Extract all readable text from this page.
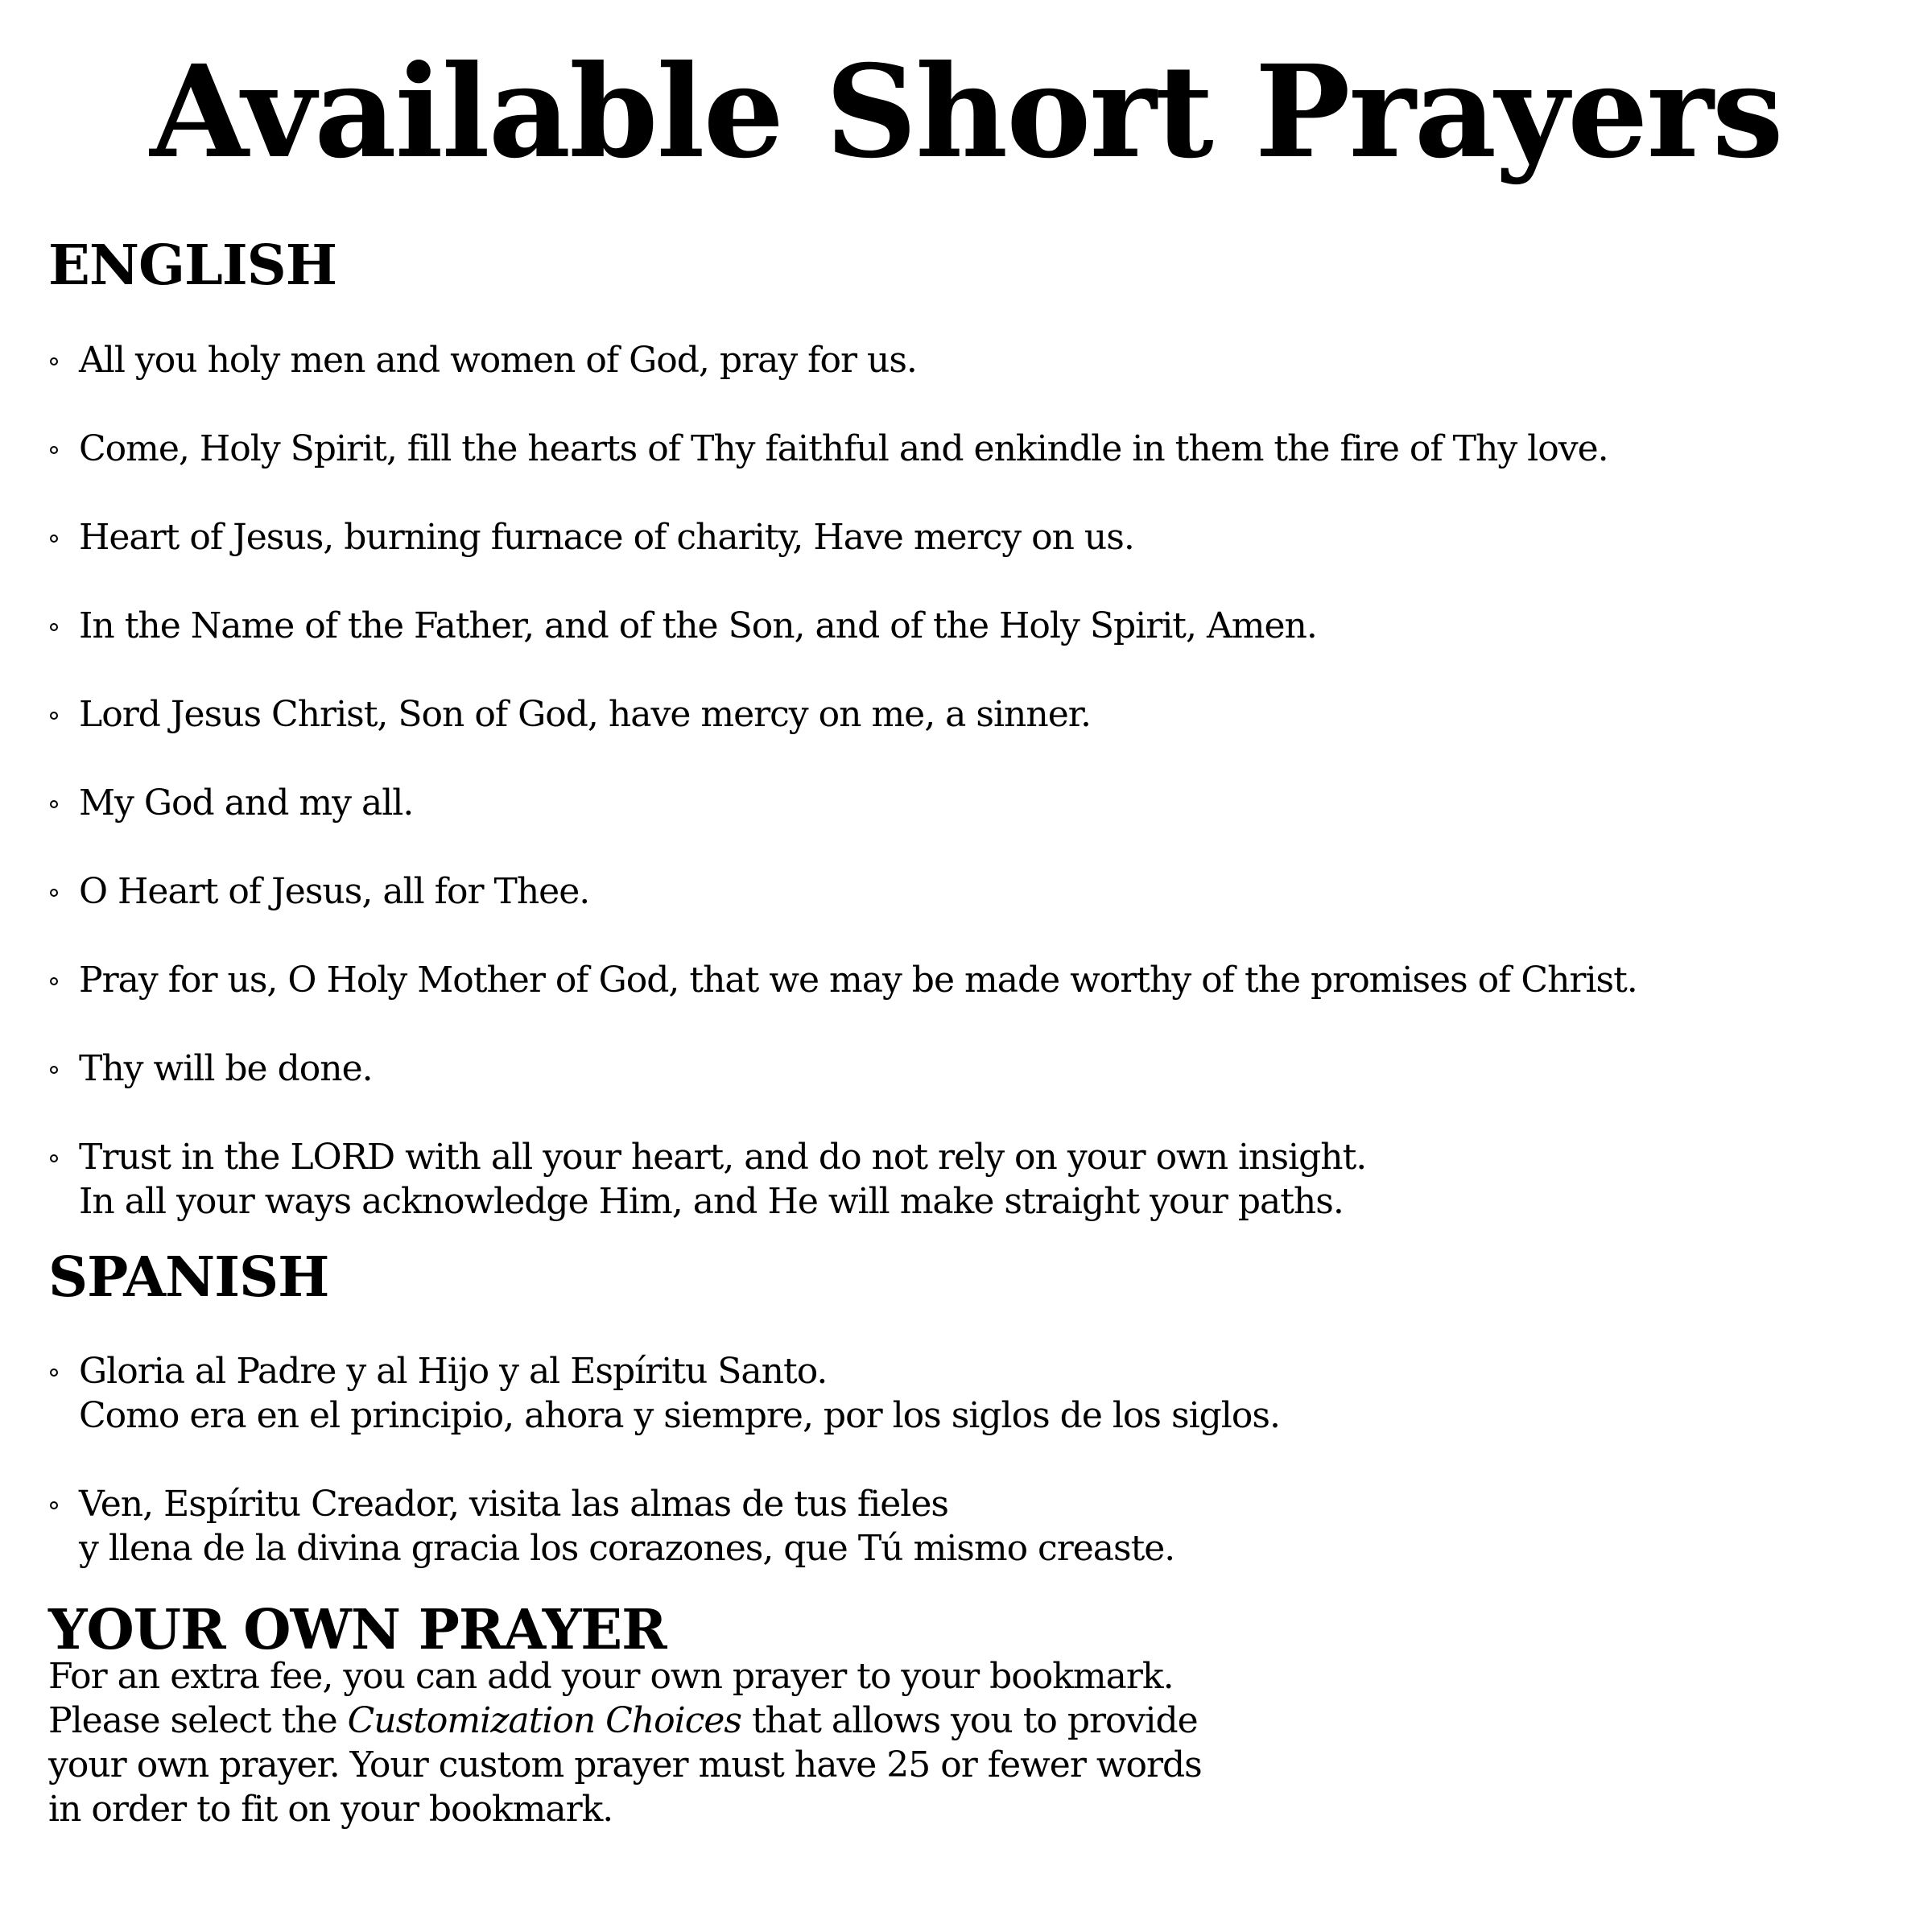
Available Short Prayers
ENGLISH
All you holy men and women of God, pray for us.
Come, Holy Spirit, fill the hearts of Thy faithful and enkindle in them the fire of Thy love.
Heart of Jesus, burning furnace of charity, Have mercy on us.
In the Name of the Father, and of the Son, and of the Holy Spirit, Amen.
Lord Jesus Christ, Son of God, have mercy on me, a sinner.
My God and my all.
O Heart of Jesus, all for Thee.
Pray for us, O Holy Mother of God, that we may be made worthy of the promises of Christ.
Thy will be done.
Trust in the LORD with all your heart, and do not rely on your own insight.
In all your ways acknowledge Him, and He will make straight your paths.
SPANISH
Gloria al Padre y al Hijo y al Espíritu Santo.
Como era en el principio, ahora y siempre, por los siglos de los siglos.
Ven, Espíritu Creador, visita las almas de tus fieles
y llena de la divina gracia los corazones, que Tú mismo creaste.
YOUR OWN PRAYER
For an extra fee, you can add your own prayer to your bookmark.
Please select the Customization Choices that allows you to provide
your own prayer. Your custom prayer must have 25 or fewer words
in order to fit on your bookmark.
